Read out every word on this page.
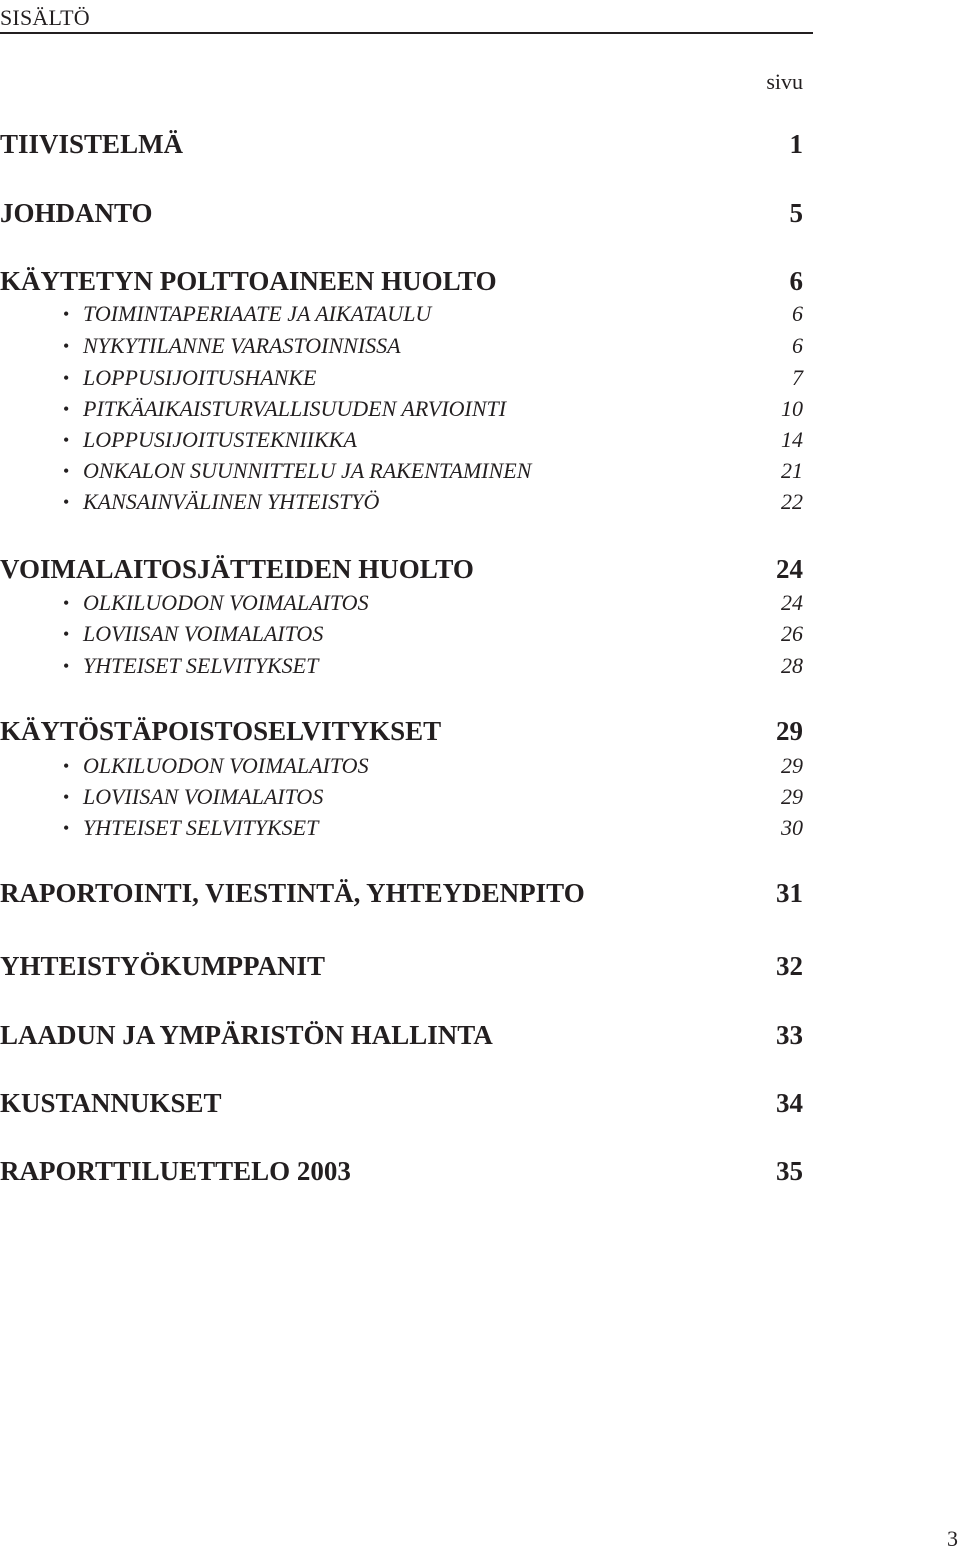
SISÄLTÖ
sivu
TIIVISTELMÄ	1
JOHDANTO	5
KÄYTETYN POLTTOAINEEN HUOLTO	6
• TOIMINTAPERIAATE JA AIKATAULU	6
• NYKYTILANNE VARASTOINNISSA	6
• LOPPUSIJOITUSHANKE	7
• PITKÄAIKAISTURVALLISUUDEN ARVIOINTI	10
• LOPPUSIJOITUSTEKNIIKKA	14
• ONKALON SUUNNITTELU JA RAKENTAMINEN	21
• KANSAINVÄLINEN YHTEISTYÖ	22
VOIMALAITOSJÄTTEIDEN HUOLTO	24
• OLKILUODON VOIMALAITOS	24
• LOVIISAN VOIMALAITOS	26
• YHTEISET SELVITYKSET	28
KÄYTÖSTÄPOISTOSELVITYKSET	29
• OLKILUODON VOIMALAITOS	29
• LOVIISAN VOIMALAITOS	29
• YHTEISET SELVITYKSET	30
RAPORTOINTI, VIESTINTÄ, YHTEYDENPITO	31
YHTEISTYÖKUMPPANIT	32
LAADUN JA YMPÄRISTÖN HALLINTA	33
KUSTANNUKSET	34
RAPORTTILUETTELO 2003	35
3
